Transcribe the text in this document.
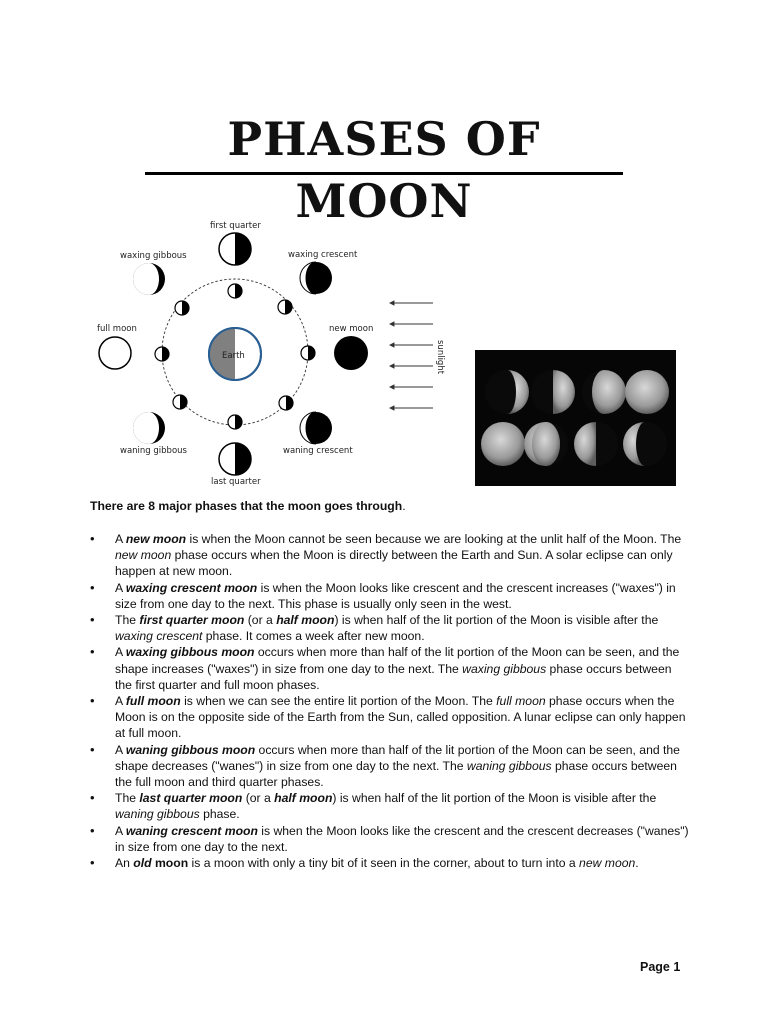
PHASES OF MOON
Earth
first quarter
waxing gibbous	waxing crescent
full moon	new moon
waning gibbous	waning crescent
last quarter
sunlight
There are 8 major phases that the moon goes through.
• A new moon is when the Moon cannot be seen because we are looking at the unlit half of the Moon. The new moon phase occurs when the Moon is directly between the Earth and Sun. A solar eclipse can only happen at new moon.
• A waxing crescent moon is when the Moon looks like crescent and the crescent increases ("waxes") in size from one day to the next. This phase is usually only seen in the west.
• The first quarter moon (or a half moon) is when half of the lit portion of the Moon is visible after the waxing crescent phase. It comes a week after new moon.
• A waxing gibbous moon occurs when more than half of the lit portion of the Moon can be seen, and the shape increases ("waxes") in size from one day to the next. The waxing gibbous phase occurs between the first quarter and full moon phases.
• A full moon is when we can see the entire lit portion of the Moon. The full moon phase occurs when the Moon is on the opposite side of the Earth from the Sun, called opposition. A lunar eclipse can only happen at full moon.
• A waning gibbous moon occurs when more than half of the lit portion of the Moon can be seen, and the shape decreases ("wanes") in size from one day to the next. The waning gibbous phase occurs between the full moon and third quarter phases.
• The last quarter moon (or a half moon) is when half of the lit portion of the Moon is visible after the waning gibbous phase.
• A waning crescent moon is when the Moon looks like the crescent and the crescent decreases ("wanes") in size from one day to the next.
• An old moon is a moon with only a tiny bit of it seen in the corner, about to turn into a new moon.
Page 1
